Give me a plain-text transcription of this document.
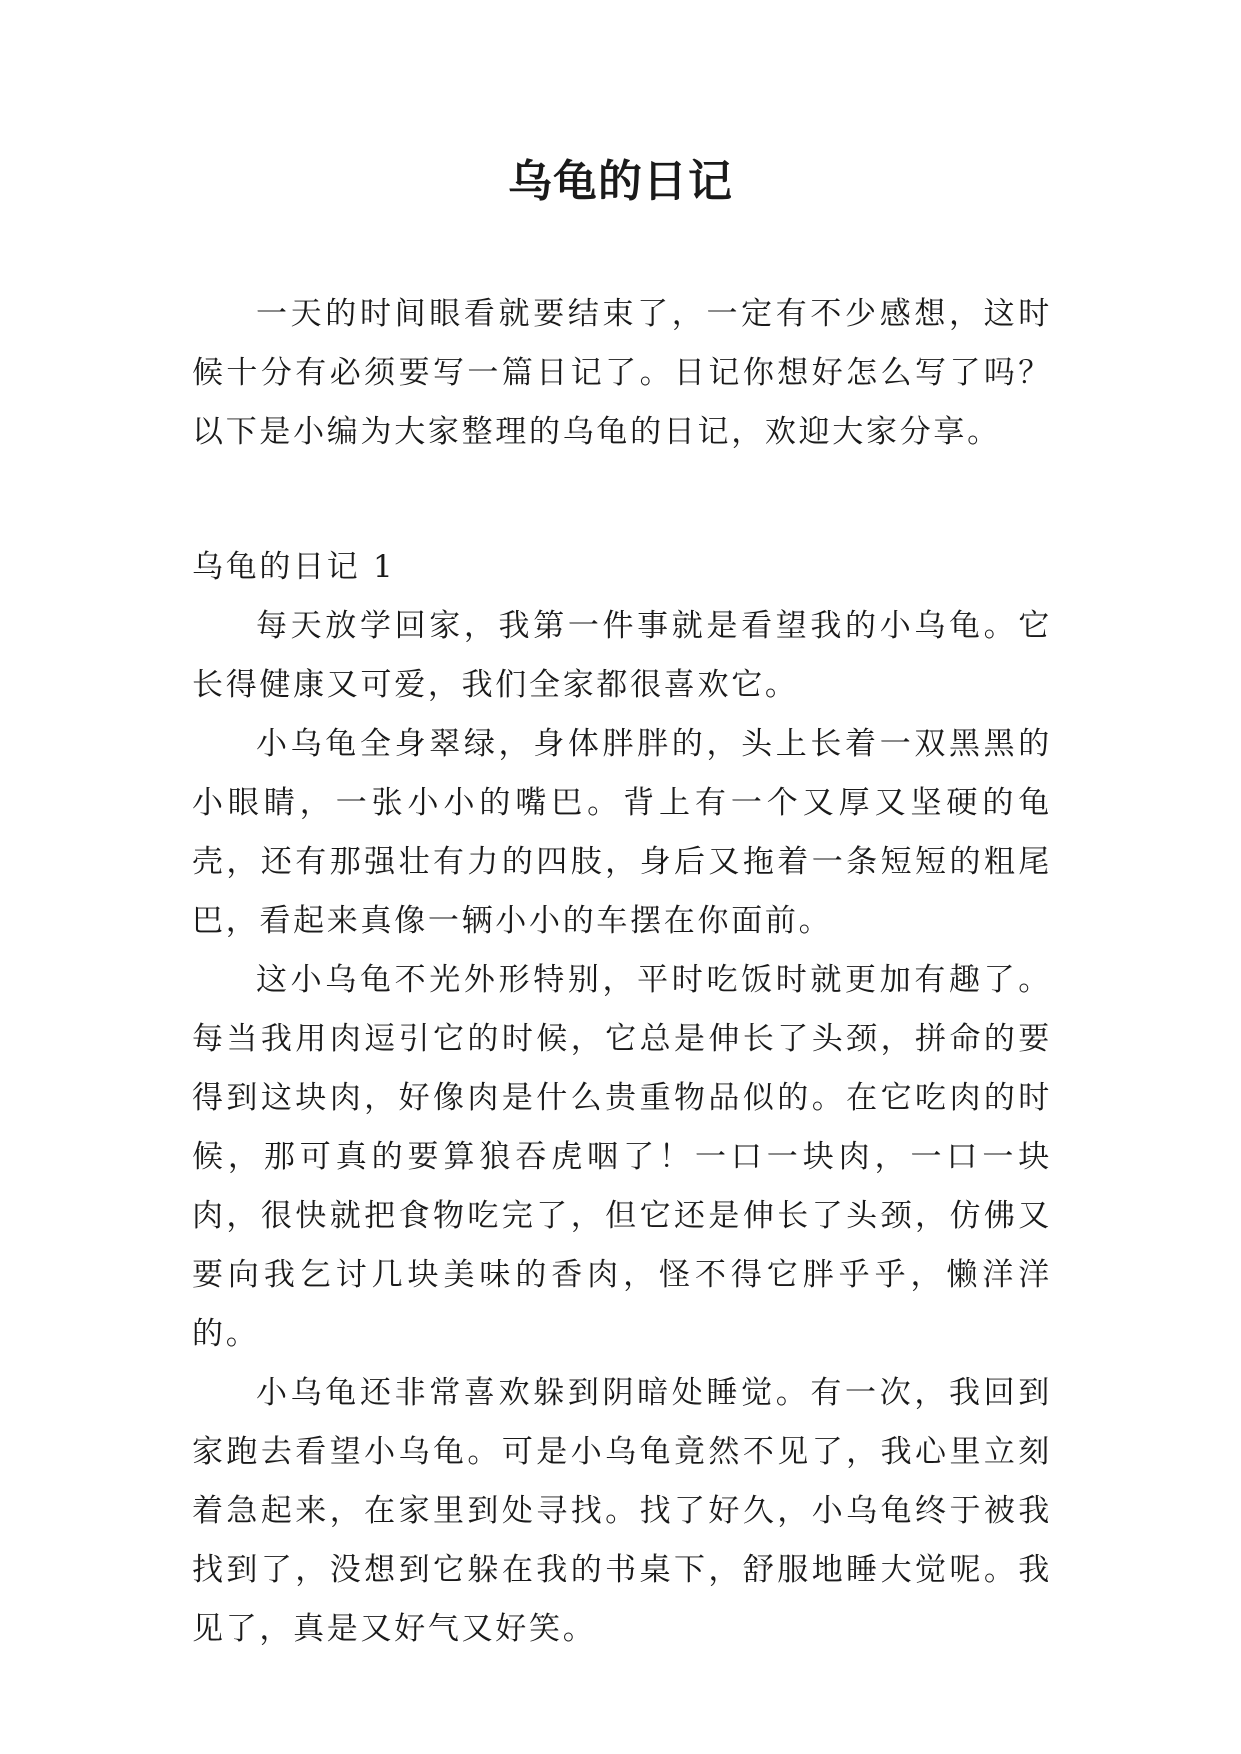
乌龟的日记

一天的时间眼看就要结束了，一定有不少感想，这时候十分有必须要写一篇日记了。日记你想好怎么写了吗？以下是小编为大家整理的乌龟的日记，欢迎大家分享。

乌龟的日记 1

每天放学回家，我第一件事就是看望我的小乌龟。它长得健康又可爱，我们全家都很喜欢它。

小乌龟全身翠绿，身体胖胖的，头上长着一双黑黑的小眼睛，一张小小的嘴巴。背上有一个又厚又坚硬的龟壳，还有那强壮有力的四肢，身后又拖着一条短短的粗尾巴，看起来真像一辆小小的车摆在你面前。

这小乌龟不光外形特别，平时吃饭时就更加有趣了。每当我用肉逗引它的时候，它总是伸长了头颈，拼命的要得到这块肉，好像肉是什么贵重物品似的。在它吃肉的时候，那可真的要算狼吞虎咽了！一口一块肉，一口一块肉，很快就把食物吃完了，但它还是伸长了头颈，仿佛又要向我乞讨几块美味的香肉，怪不得它胖乎乎，懒洋洋的。

小乌龟还非常喜欢躲到阴暗处睡觉。有一次，我回到家跑去看望小乌龟。可是小乌龟竟然不见了，我心里立刻着急起来，在家里到处寻找。找了好久，小乌龟终于被我找到了，没想到它躲在我的书桌下，舒服地睡大觉呢。我见了，真是又好气又好笑。
